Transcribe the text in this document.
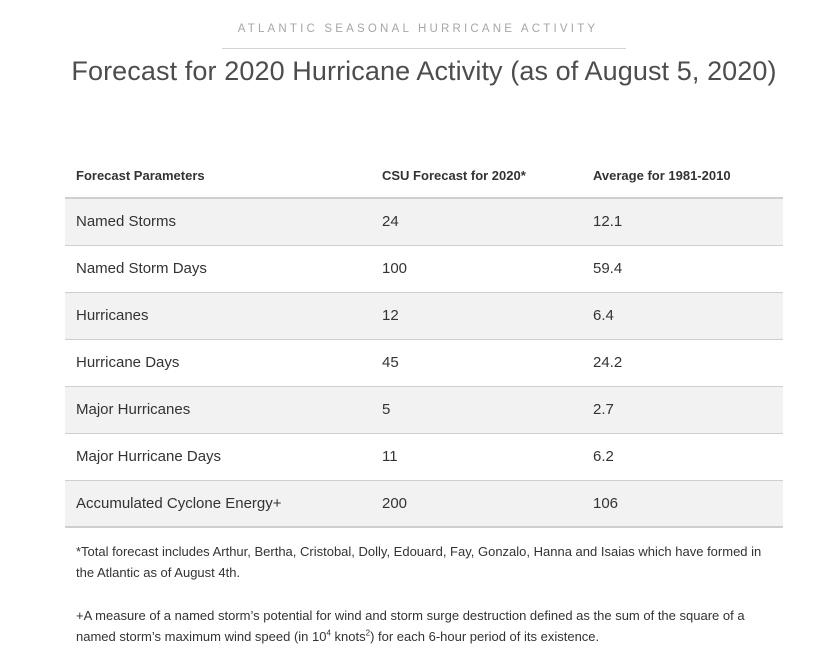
ATLANTIC SEASONAL HURRICANE ACTIVITY
Forecast for 2020 Hurricane Activity (as of August 5, 2020)
Forecast Parameters	CSU Forecast for 2020*	Average for 1981-2010
Named Storms	24	12.1
Named Storm Days	100	59.4
Hurricanes	12	6.4
Hurricane Days	45	24.2
Major Hurricanes	5	2.7
Major Hurricane Days	11	6.2
Accumulated Cyclone Energy+	200	106

*Total forecast includes Arthur, Bertha, Cristobal, Dolly, Edouard, Fay, Gonzalo, Hanna and Isaias which have formed in the Atlantic as of August 4th.

+A measure of a named storm’s potential for wind and storm surge destruction defined as the sum of the square of a named storm’s maximum wind speed (in $10^4$ knots$^2$) for each 6-hour period of its existence.
